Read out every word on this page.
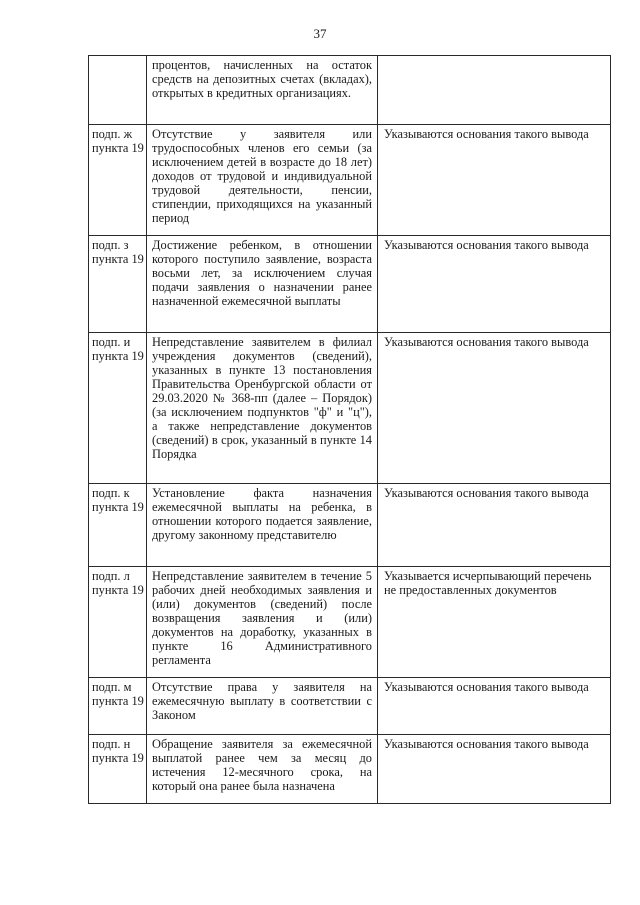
37
	процентов, начисленных на остаток средств на депозитных счетах (вкладах), открытых в кредитных организациях.	
подп. ж пункта 19	Отсутствие у заявителя или трудоспособных членов его семьи (за исключением детей в возрасте до 18 лет) доходов от трудовой и индивидуальной трудовой деятельности, пенсии, стипендии, приходящихся на указанный период	Указываются основания такого вывода
подп. з пункта 19	Достижение ребенком, в отношении которого поступило заявление, возраста восьми лет, за исключением случая подачи заявления о назначении ранее назначенной ежемесячной выплаты	Указываются основания такого вывода
подп. и пункта 19	Непредставление заявителем в филиал учреждения документов (сведений), указанных в пункте 13 постановления Правительства Оренбургской области от 29.03.2020 № 368-пп (далее – Порядок) (за исключением подпунктов "ф" и "ц"), а также непредставление документов (сведений) в срок, указанный в пункте 14 Порядка	Указываются основания такого вывода
подп. к пункта 19	Установление факта назначения ежемесячной выплаты на ребенка, в отношении которого подается заявление, другому законному представителю	Указываются основания такого вывода
подп. л пункта 19	Непредставление заявителем в течение 5 рабочих дней необходимых заявления и (или) документов (сведений) после возвращения заявления и (или) документов на доработку, указанных в пункте 16 Административного регламента	Указывается исчерпывающий перечень не предоставленных документов
подп. м пункта 19	Отсутствие права у заявителя на ежемесячную выплату в соответствии с Законом	Указываются основания такого вывода
подп. н пункта 19	Обращение заявителя за ежемесячной выплатой ранее чем за месяц до истечения 12-месячного срока, на который она ранее была назначена	Указываются основания такого вывода
